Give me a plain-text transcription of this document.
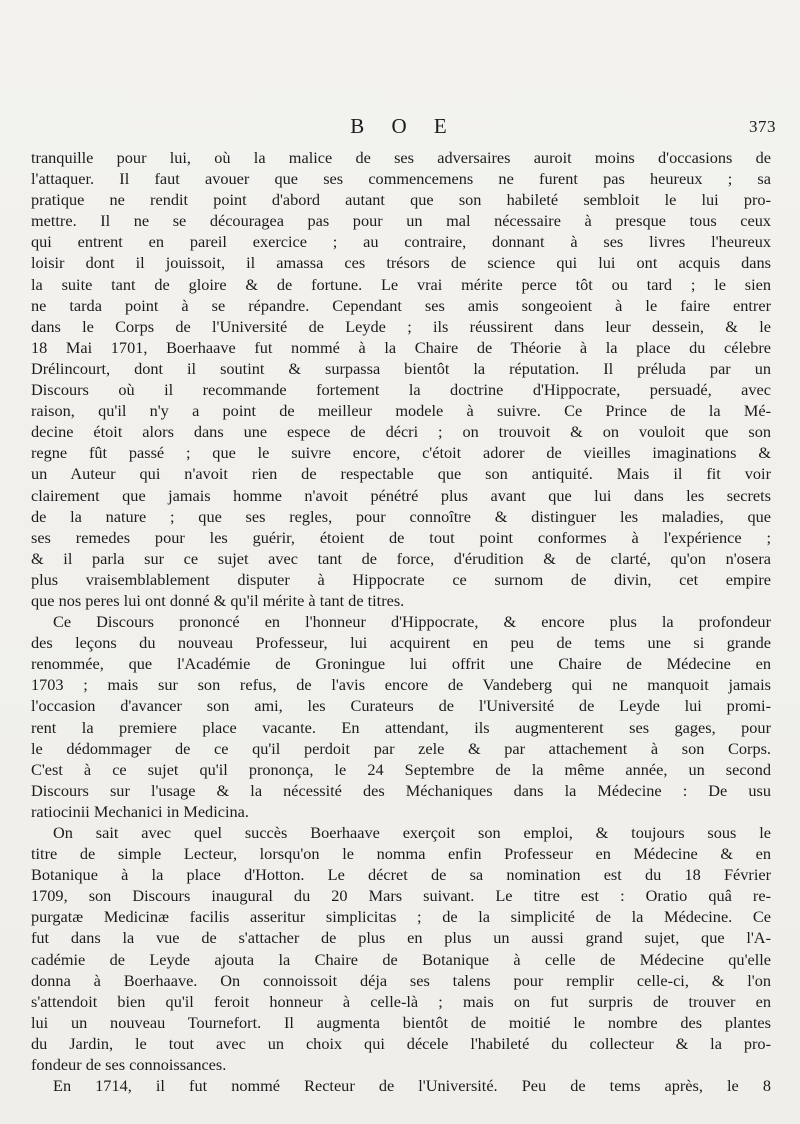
B O E	373
tranquille pour lui, où la malice de ses adversaires auroit moins d'occasions de
l'attaquer. Il faut avouer que ses commencemens ne furent pas heureux ; sa
pratique ne rendit point d'abord autant que son habileté sembloit le lui pro-
mettre. Il ne se découragea pas pour un mal nécessaire à presque tous ceux
qui entrent en pareil exercice ; au contraire, donnant à ses livres l'heureux
loisir dont il jouissoit, il amassa ces trésors de science qui lui ont acquis dans
la suite tant de gloire & de fortune. Le vrai mérite perce tôt ou tard ; le sien
ne tarda point à se répandre. Cependant ses amis songeoient à le faire entrer
dans le Corps de l'Université de Leyde ; ils réussirent dans leur dessein, & le
18 Mai 1701, Boerhaave fut nommé à la Chaire de Théorie à la place du célebre
Drélincourt, dont il soutint & surpassa bientôt la réputation. Il préluda par un
Discours où il recommande fortement la doctrine d'Hippocrate, persuadé, avec
raison, qu'il n'y a point de meilleur modele à suivre. Ce Prince de la Mé-
decine étoit alors dans une espece de décri ; on trouvoit & on vouloit que son
regne fût passé ; que le suivre encore, c'étoit adorer de vieilles imaginations &
un Auteur qui n'avoit rien de respectable que son antiquité. Mais il fit voir
clairement que jamais homme n'avoit pénétré plus avant que lui dans les secrets
de la nature ; que ses regles, pour connoître & distinguer les maladies, que
ses remedes pour les guérir, étoient de tout point conformes à l'expérience ;
& il parla sur ce sujet avec tant de force, d'érudition & de clarté, qu'on n'osera
plus vraisemblablement disputer à Hippocrate ce surnom de divin, cet empire
que nos peres lui ont donné & qu'il mérite à tant de titres.
Ce Discours prononcé en l'honneur d'Hippocrate, & encore plus la profondeur
des leçons du nouveau Professeur, lui acquirent en peu de tems une si grande
renommée, que l'Académie de Groningue lui offrit une Chaire de Médecine en
1703 ; mais sur son refus, de l'avis encore de Vandeberg qui ne manquoit jamais
l'occasion d'avancer son ami, les Curateurs de l'Université de Leyde lui promi-
rent la premiere place vacante. En attendant, ils augmenterent ses gages, pour
le dédommager de ce qu'il perdoit par zele & par attachement à son Corps.
C'est à ce sujet qu'il prononça, le 24 Septembre de la même année, un second
Discours sur l'usage & la nécessité des Méchaniques dans la Médecine : De usu
ratiocinii Mechanici in Medicina.
On sait avec quel succès Boerhaave exerçoit son emploi, & toujours sous le
titre de simple Lecteur, lorsqu'on le nomma enfin Professeur en Médecine & en
Botanique à la place d'Hotton. Le décret de sa nomination est du 18 Février
1709, son Discours inaugural du 20 Mars suivant. Le titre est : Oratio quâ re-
purgatæ Medicinæ facilis asseritur simplicitas ; de la simplicité de la Médecine. Ce
fut dans la vue de s'attacher de plus en plus un aussi grand sujet, que l'A-
cadémie de Leyde ajouta la Chaire de Botanique à celle de Médecine qu'elle
donna à Boerhaave. On connoissoit déja ses talens pour remplir celle-ci, & l'on
s'attendoit bien qu'il feroit honneur à celle-là ; mais on fut surpris de trouver en
lui un nouveau Tournefort. Il augmenta bientôt de moitié le nombre des plantes
du Jardin, le tout avec un choix qui décele l'habileté du collecteur & la pro-
fondeur de ses connoissances.
En 1714, il fut nommé Recteur de l'Université. Peu de tems après, le 8
